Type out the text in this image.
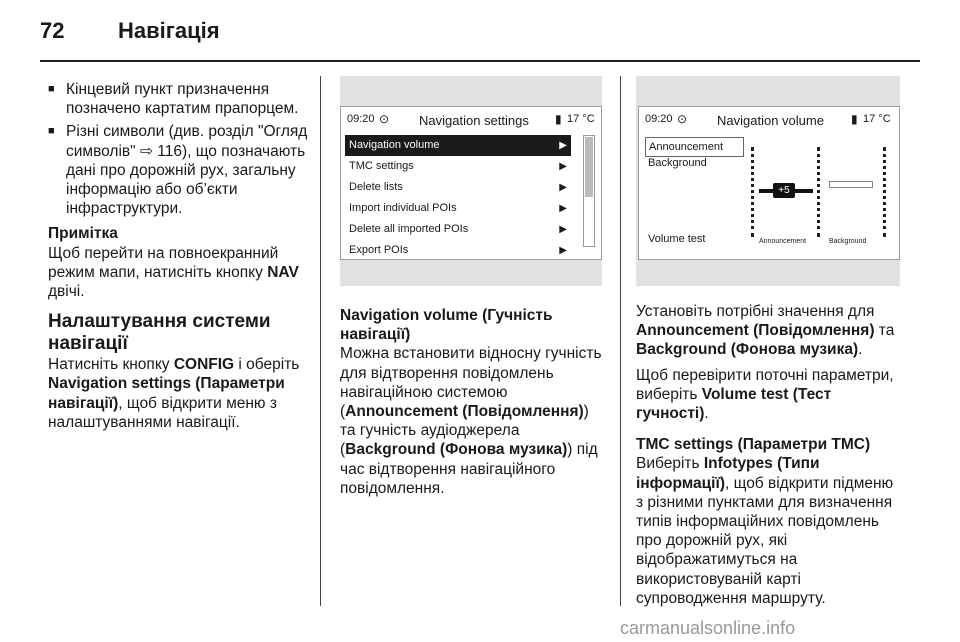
72 Навігація

■ Кінцевий пункт призначення позначено картатим прапорцем.

■ Різні символи (див. розділ "Огляд символів" ⇨ 116), що позначають дані про дорожній рух, загальну інформацію або об’єкти інфраструктури.

Примітка

Щоб перейти на повноекранний режим мапи, натисніть кнопку NAV двічі.

Налаштування системи навігації

Натисніть кнопку CONFIG і оберіть Navigation settings (Параметри навігації), щоб відкрити меню з налаштуваннями навігації.

09:20 ⊙ Navigation settings ▮ 17 °C
Navigation volume	▶
TMC settings	▶
Delete lists	▶
Import individual POIs	▶
Delete all imported POIs	▶
Export POIs	▶

Navigation volume (Гучність навігації)

Можна встановити відносну гучність для відтворення повідомлень навігаційною системою (Announcement (Повідомлення)) та гучність аудіоджерела (Background (Фонова музика)) під час відтворення навігаційного повідомлення.

09:20 ⊙ Navigation volume ▮ 17 °C
Announcement
Background
Volume test
+5
Announcement	Background

Установіть потрібні значення для Announcement (Повідомлення) та Background (Фонова музика).

Щоб перевірити поточні параметри, виберіть Volume test (Тест гучності).

TMC settings (Параметри TMC)

Виберіть Infotypes (Типи інформації), щоб відкрити підменю з різними пунктами для визначення типів інформаційних повідомлень про дорожній рух, які відображатимуться на використовуваній карті супроводження маршруту.

carmanualsonline.info
